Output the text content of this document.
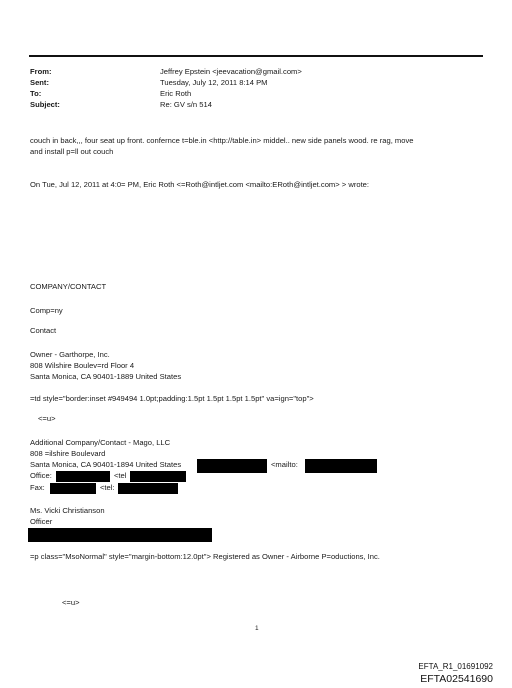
From:	Jeffrey Epstein <jeevacation@gmail.com>
Sent:	Tuesday, July 12, 2011 8:14 PM
To:	Eric Roth
Subject:	Re: GV s/n 514
couch in back,,, four seat up front. confernce t=ble.in <http://table.in> middel.. new side panels wood. re rag, move
and install p=ll out couch
On Tue, Jul 12, 2011 at 4:0= PM, Eric Roth <=Roth@intljet.com <mailto:ERoth@intljet.com> > wrote:
COMPANY/CONTACT
Comp=ny
Contact
Owner - Garthorpe, Inc.
808 Wilshire Boulev=rd Floor 4
Santa Monica, CA 90401-1889 United States
=td style="border:inset #949494 1.0pt;padding:1.5pt 1.5pt 1.5pt 1.5pt" va=ign="top">
<=u>
Additional Company/Contact - Mago, LLC
808 =ilshire Boulevard
Santa Monica, CA 90401-1894 United States	<mailto:
Office:	<tel
Fax:	<tel:
Ms. Vicki Christianson
Officer
=p class="MsoNormal" style="margin-bottom:12.0pt"> Registered as Owner - Airborne P=oductions, Inc.
<=u>
1
EFTA_R1_01691092
EFTA02541690
